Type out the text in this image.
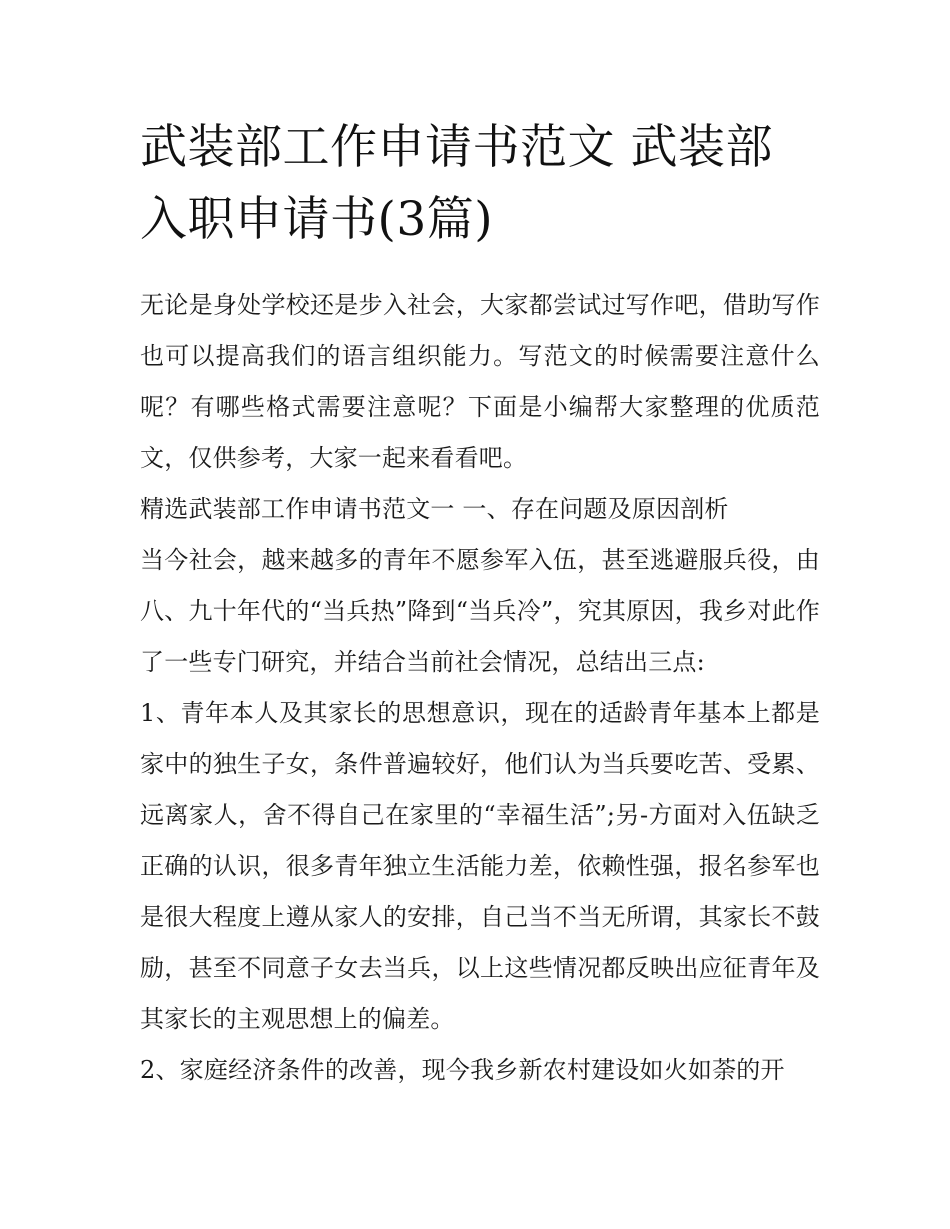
武装部工作申请书范文 武装部入职申请书(3篇)

无论是身处学校还是步入社会，大家都尝试过写作吧，借助写作也可以提高我们的语言组织能力。写范文的时候需要注意什么呢？有哪些格式需要注意呢？下面是小编帮大家整理的优质范文，仅供参考，大家一起来看看吧。

精选武装部工作申请书范文一 一、存在问题及原因剖析

当今社会，越来越多的青年不愿参军入伍，甚至逃避服兵役，由八、九十年代的“当兵热”降到“当兵冷”，究其原因，我乡对此作了一些专门研究，并结合当前社会情况，总结出三点:

1、青年本人及其家长的思想意识，现在的适龄青年基本上都是家中的独生子女，条件普遍较好，他们认为当兵要吃苦、受累、远离家人，舍不得自己在家里的“幸福生活”;另-方面对入伍缺乏正确的认识，很多青年独立生活能力差，依赖性强，报名参军也是很大程度上遵从家人的安排，自己当不当无所谓，其家长不鼓励，甚至不同意子女去当兵，以上这些情况都反映出应征青年及其家长的主观思想上的偏差。

2、家庭经济条件的改善，现今我乡新农村建设如火如荼的开
